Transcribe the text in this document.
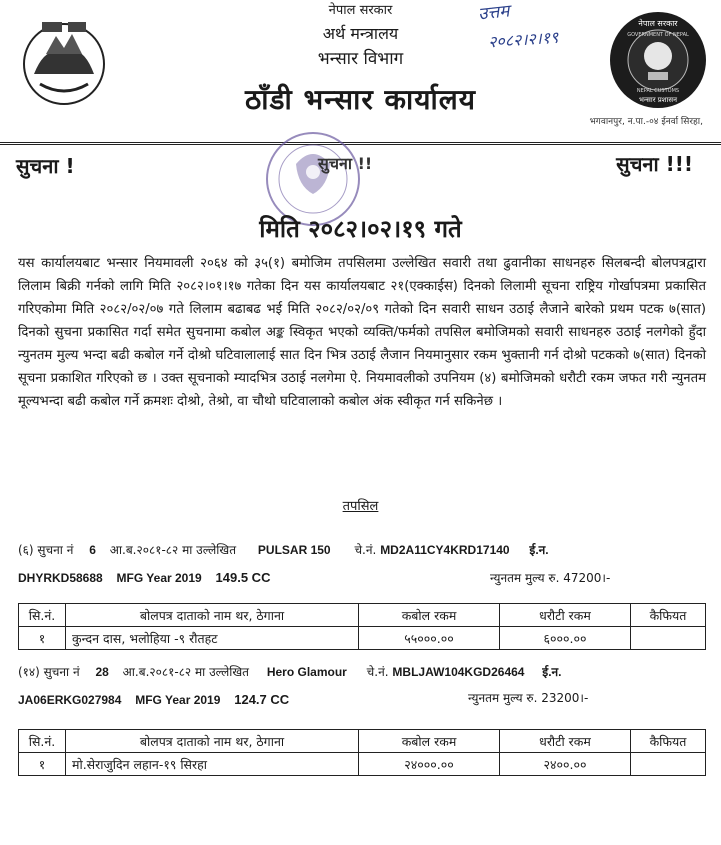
नेपाल सरकार
अर्थ मन्त्रालय
भन्सार विभाग
ठाँडी भन्सार कार्यालय
भगवानपुर, न.पा.-०४ ईनर्वा सिरहा,
उत्तम
२०८२।२।१९
नेपाल सरकार
GOVERNMENT OF NEPAL
NEPAL CUSTOMS
भन्सार प्रशासन
सुचना !	सुचना !!	सुचना !!!
मिति २०८२।०२।१९ गते
यस कार्यालयबाट भन्सार नियमावली २०६४ को ३५(१) बमोजिम तपसिलमा उल्लेखित सवारी तथा ढुवानीका साधनहरु सिलबन्दी बोलपत्रद्वारा लिलाम बिक्री गर्नको लागि मिति २०८२।०१।१७ गतेका दिन यस कार्यालयबाट २१(एक्काईस) दिनको लिलामी सूचना राष्ट्रिय गोर्खापत्रमा प्रकासित गरिएकोमा मिति २०८२/०२/०७ गते लिलाम बढाबढ भई मिति २०८२/०२/०९ गतेको दिन सवारी साधन उठाई लैजाने बारेको प्रथम पटक ७(सात) दिनको सुचना प्रकासित गर्दा समेत सुचनामा कबोल अङ्क स्विकृत भएको व्यक्ति/फर्मको तपसिल बमोजिमको सवारी साधनहरु उठाई नलगेको हुँदा न्युनतम मुल्य भन्दा बढी कबोल गर्ने दोश्रो घटिवालालाई सात दिन भित्र उठाई लैजान नियमानुसार रकम भुक्तानी गर्न दोश्रो पटकको ७(सात) दिनको सूचना प्रकाशित गरिएको छ । उक्त सूचनाको म्यादभित्र उठाई नलगेमा ऐ. नियमावलीको उपनियम (४) बमोजिमको धरौटी रकम जफत गरी न्युनतम मूल्यभन्दा बढी कबोल गर्ने क्रमशः दोश्रो, तेश्रो, वा चौथो घटिवालाको कबोल अंक स्वीकृत गर्न सकिनेछ ।
तपसिल
(६) सुचना नं 6 आ.ब.२०८१-८२ मा उल्लेखित PULSAR 150 चे.नं. MD2A11CY4KRD17140 ई.न.
DHYRKD58688 MFG Year 2019 149.5 CC	न्युनतम मुल्य रु. 47200।-
सि.नं.	बोलपत्र दाताको नाम थर, ठेगाना	कबोल रकम	धरौटी रकम	कैफियत
१	कुन्दन दास, भलोहिया -९ रौतहट	५५०००.००	६०००.००	
(१४) सुचना नं 28 आ.ब.२०८१-८२ मा उल्लेखित Hero Glamour चे.नं. MBLJAW104KGD26464 ई.न.
JA06ERKG027984 MFG Year 2019 124.7 CC	न्युनतम मुल्य रु. 23200।-
सि.नं.	बोलपत्र दाताको नाम थर, ठेगाना	कबोल रकम	धरौटी रकम	कैफियत
१	मो.सेराजुदिन लहान-१९ सिरहा	२४०००.००	२४००.००	
